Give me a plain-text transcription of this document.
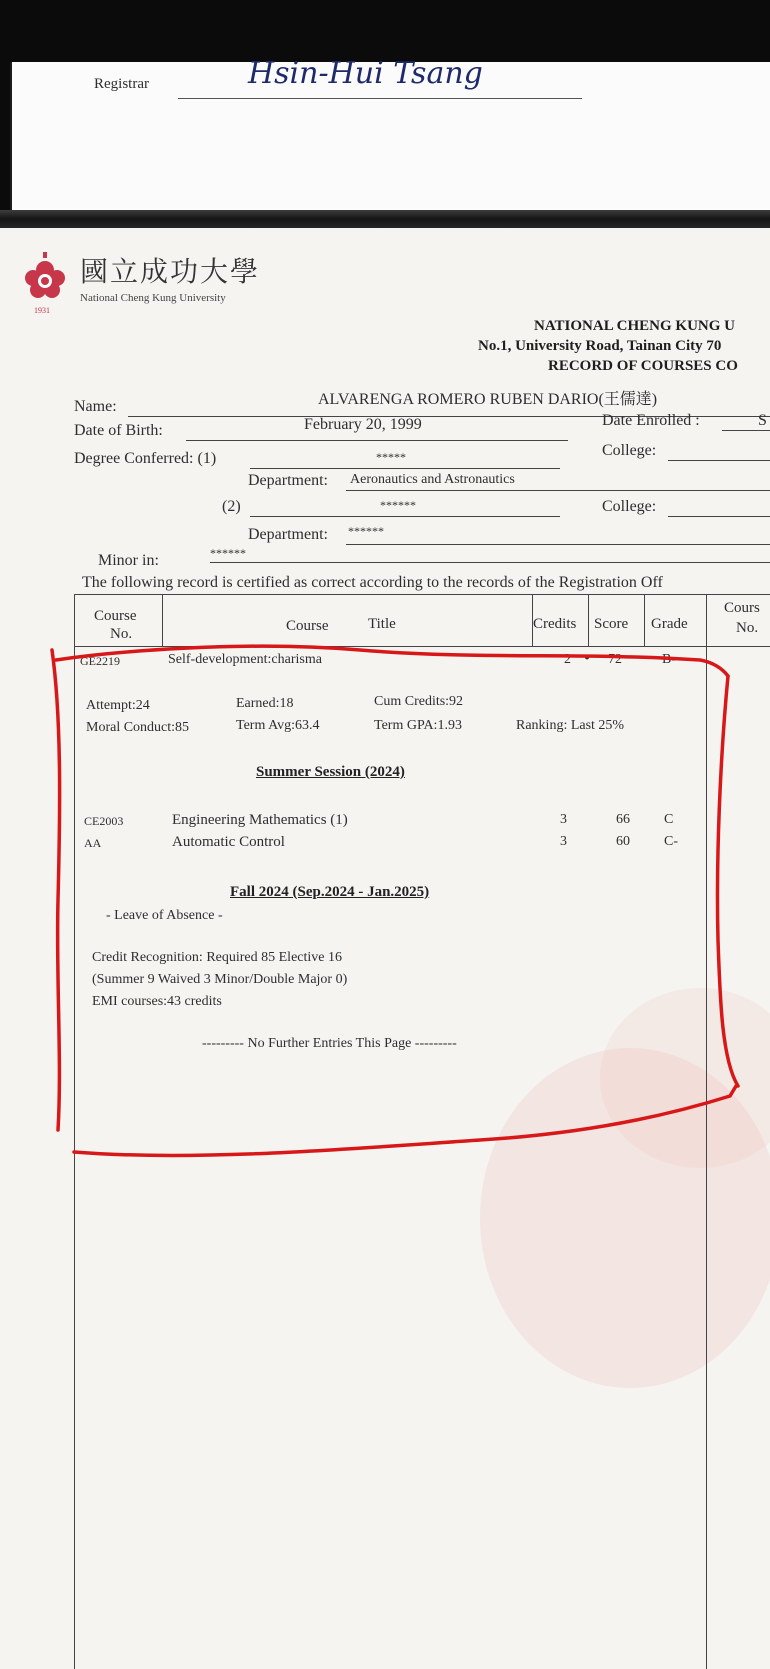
Registrar	Hsin-Hui Tsang
1931
國立成功大學
National Cheng Kung University
NATIONAL CHENG KUNG U
No.1, University Road, Tainan City 70
RECORD OF COURSES CO
Name:	ALVARENGA ROMERO RUBEN DARIO(王儒達)
Date of Birth:	February 20, 1999	Date Enrolled :	S
Degree Conferred: (1)	*****	College:
Department: Aeronautics and Astronautics
(2)	******	College:
Department: ******
Minor in:	******
The following record is certified as correct according to the records of the Registration Off
Course
No.	Course	Title	Credits Score Grade
Cours
No.
GE2219	Self-development:charisma	2 ● 72	B-
Attempt:24	Earned:18	Cum Credits:92
Moral Conduct:85	Term Avg:63.4	Term GPA:1.93	Ranking: Last 25%
Summer Session (2024)
CE2003	Engineering Mathematics (1)	3	66 C
AA	Automatic Control	3	60 C-
Fall 2024 (Sep.2024 - Jan.2025)
- Leave of Absence -
Credit Recognition: Required 85 Elective 16
(Summer 9 Waived 3 Minor/Double Major 0)
EMI courses:43 credits
--------- No Further Entries This Page ---------
